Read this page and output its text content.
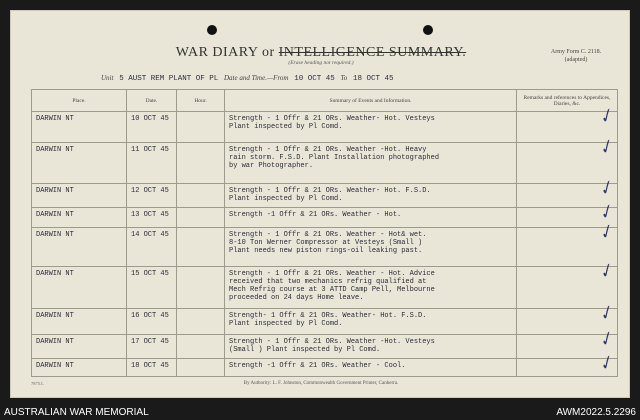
WAR DIARY or INTELLIGENCE SUMMARY.
(Erase heading not required.)
Army Form C. 2118.
(adapted)
Unit 5 AUST REM PLANT OF PL Date and Time.—From 10 OCT 45 To 18 OCT 45
Place.	Date.	Hour.	Summary of Events and Information.	Remarks and references to Appendices, Diaries, &c.
DARWIN NT	10 OCT 45		Strength - 1 Offr & 21 ORs. Weather- Hot. Vesteys
Plant inspected by Pl Comd.	✓

DARWIN NT	11 OCT 45		Strength - 1 Offr & 21 ORs. Weather -Hot. Heavy
rain storm. F.S.D. Plant Installation photographed
by war Photographer.	✓

DARWIN NT	12 OCT 45		Strength - 1 Offr & 21 ORs. Weather- Hot. F.S.D.
Plant inspected by Pl Comd.	✓

DARWIN NT	13 OCT 45		Strength -1 Offr & 21 ORs. Weather - Hot.	✓

DARWIN NT	14 OCT 45		Strength - 1 Offr & 21 ORs. Weather - Hot& wet.
8-10 Ton Werner Compressor at Vesteys (Small )
Plant needs new piston rings-oil leaking past.	✓

DARWIN NT	15 OCT 45		Strength - 1 Offr & 21 ORs. Weather - Hot. Advice
received that two mechanics refrig qualified at
Mech Refrig course at 3 ATTD Camp Pell, Melbourne
proceeded on 24 days Home leave.	✓

DARWIN NT	16 OCT 45		Strength- 1 Offr & 21 ORs. Weather- Hot. F.S.D.
Plant inspected by Pl Comd.	✓

DARWIN NT	17 OCT 45		Strength - 1 Offr & 21 ORs. Weather -Hot. Vesteys
(Small ) Plant inspected by Pl Comd.	✓

DARWIN NT	18 OCT 45		Strength -1 Offr & 21 ORs. Weather - Cool.	✓
7875.L	By Authority: L. F. Johnston, Commonwealth Government Printer, Canberra.
AUSTRALIAN WAR MEMORIAL	AWM2022.5.2296
